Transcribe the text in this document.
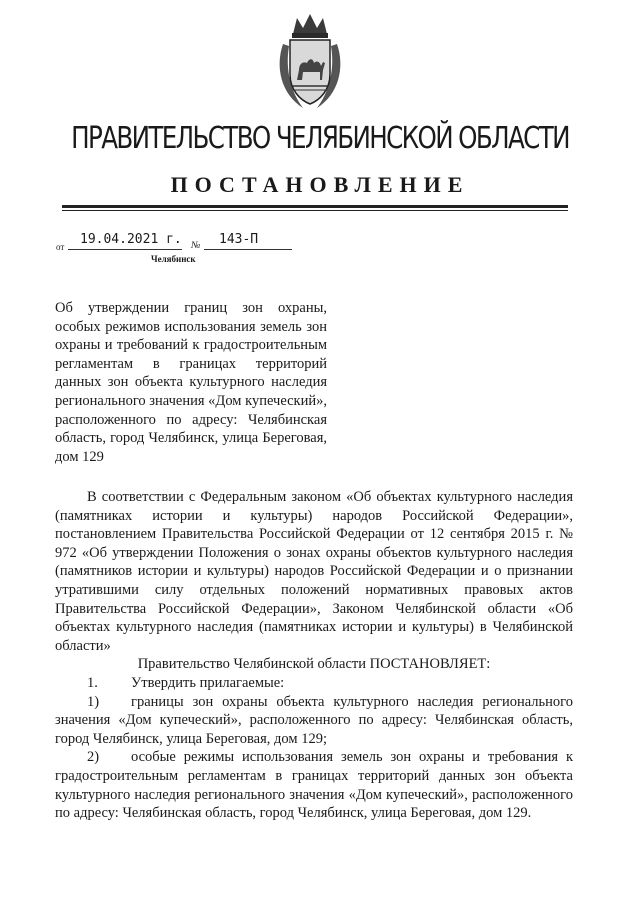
ПРАВИТЕЛЬСТВО ЧЕЛЯБИНСКОЙ ОБЛАСТИ
ПОСТАНОВЛЕНИЕ
от 19.04.2021 г. № 143-П
Челябинск
Об утверждении границ зон охраны, особых режимов использования земель зон охраны и требований к градостроительным регламентам в границах территорий данных зон объекта культурного наследия регионального значения «Дом купеческий», расположенного по адресу: Челябинская область, город Челябинск, улица Береговая, дом 129

В соответствии с Федеральным законом «Об объектах культурного наследия (памятниках истории и культуры) народов Российской Федерации», постановлением Правительства Российской Федерации от 12 сентября 2015 г. № 972 «Об утверждении Положения о зонах охраны объектов культурного наследия (памятников истории и культуры) народов Российской Федерации и о признании утратившими силу отдельных положений нормативных правовых актов Правительства Российской Федерации», Законом Челябинской области «Об объектах культурного наследия (памятниках истории и культуры) в Челябинской области»

Правительство Челябинской области ПОСТАНОВЛЯЕТ:

1. Утвердить прилагаемые:

1) границы зон охраны объекта культурного наследия регионального значения «Дом купеческий», расположенного по адресу: Челябинская область, город Челябинск, улица Береговая, дом 129;

2) особые режимы использования земель зон охраны и требования к градостроительным регламентам в границах территорий данных зон объекта культурного наследия регионального значения «Дом купеческий», расположенного по адресу: Челябинская область, город Челябинск, улица Береговая, дом 129.
